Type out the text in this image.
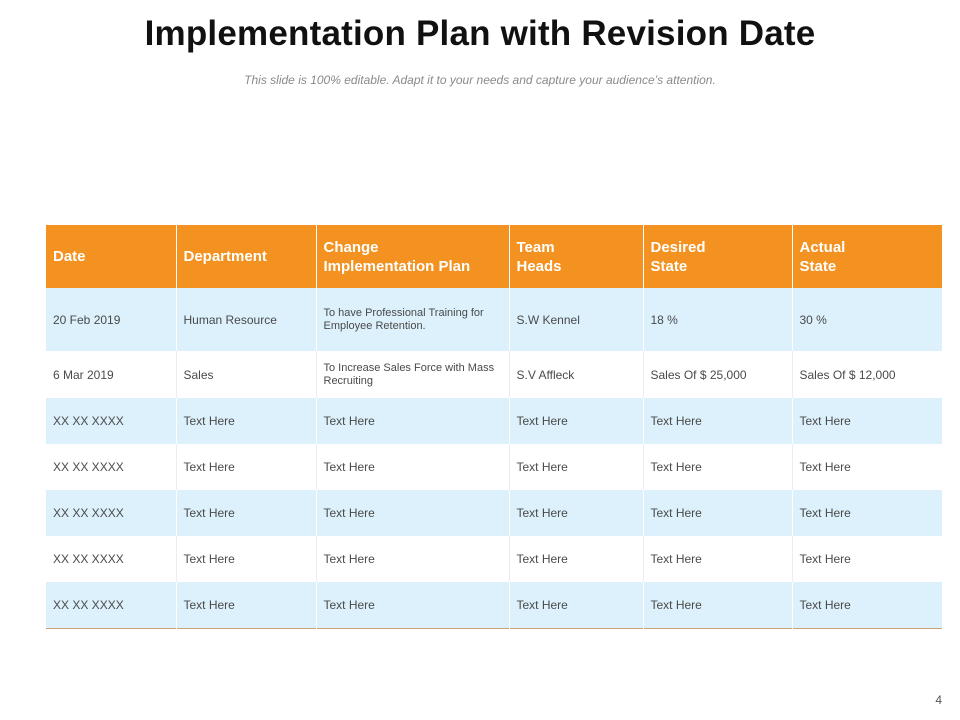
Implementation Plan with Revision Date
This slide is 100% editable. Adapt it to your needs and capture your audience’s attention.
Date	Department	Change Implementation Plan	Team Heads	Desired State	Actual State
20 Feb 2019	Human Resource	To have Professional Training for Employee Retention.	S.W Kennel	18 %	30 %
6 Mar 2019	Sales	To Increase Sales Force with Mass Recruiting	S.V Affleck	Sales Of $ 25,000	Sales Of $ 12,000
XX XX XXXX	Text Here	Text Here	Text Here	Text Here	Text Here
XX XX XXXX	Text Here	Text Here	Text Here	Text Here	Text Here
XX XX XXXX	Text Here	Text Here	Text Here	Text Here	Text Here
XX XX XXXX	Text Here	Text Here	Text Here	Text Here	Text Here
XX XX XXXX	Text Here	Text Here	Text Here	Text Here	Text Here
4
